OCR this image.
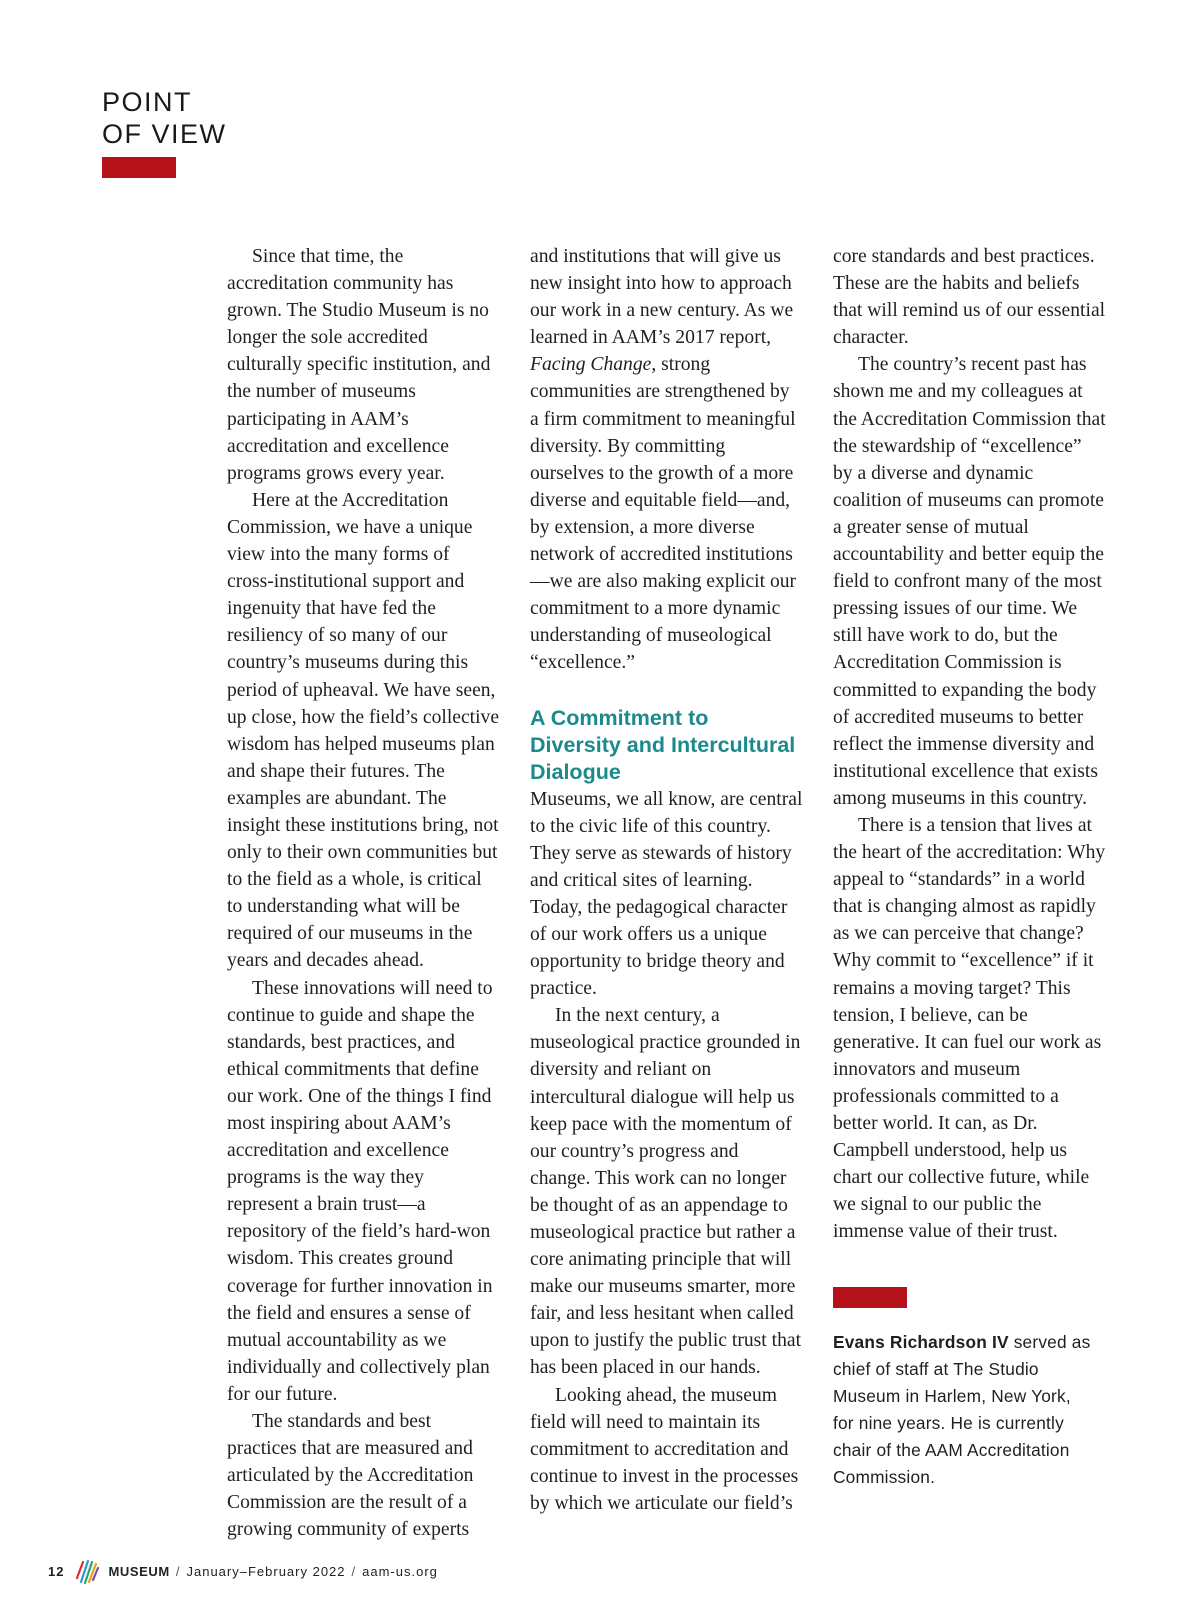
POINT
OF VIEW

Since that time, the accreditation community has grown. The Studio Museum is no longer the sole accredited culturally specific institution, and the number of museums participating in AAM’s accreditation and excellence programs grows every year.

Here at the Accreditation Commission, we have a unique view into the many forms of cross-institutional support and ingenuity that have fed the resiliency of so many of our country’s museums during this period of upheaval. We have seen, up close, how the field’s collective wisdom has helped museums plan and shape their futures. The examples are abundant. The insight these institutions bring, not only to their own communities but to the field as a whole, is critical to understanding what will be required of our museums in the years and decades ahead.

These innovations will need to continue to guide and shape the standards, best practices, and ethical commitments that define our work. One of the things I find most inspiring about AAM’s accreditation and excellence programs is the way they represent a brain trust—a repository of the field’s hard-won wisdom. This creates ground coverage for further innovation in the field and ensures a sense of mutual accountability as we individually and collectively plan for our future.

The standards and best practices that are measured and articulated by the Accreditation Commission are the result of a growing community of experts

and institutions that will give us new insight into how to approach our work in a new century. As we learned in AAM’s 2017 report, Facing Change, strong communities are strengthened by a firm commitment to meaningful diversity. By committing ourselves to the growth of a more diverse and equitable field—and, by extension, a more diverse network of accredited institutions—we are also making explicit our commitment to a more dynamic understanding of museological “excellence.”

A Commitment to Diversity and Intercultural Dialogue

Museums, we all know, are central to the civic life of this country. They serve as stewards of history and critical sites of learning. Today, the pedagogical character of our work offers us a unique opportunity to bridge theory and practice.

In the next century, a museological practice grounded in diversity and reliant on intercultural dialogue will help us keep pace with the momentum of our country’s progress and change. This work can no longer be thought of as an appendage to museological practice but rather a core animating principle that will make our museums smarter, more fair, and less hesitant when called upon to justify the public trust that has been placed in our hands.

Looking ahead, the museum field will need to maintain its commitment to accreditation and continue to invest in the processes by which we articulate our field’s

core standards and best practices. These are the habits and beliefs that will remind us of our essential character.

The country’s recent past has shown me and my colleagues at the Accreditation Commission that the stewardship of “excellence” by a diverse and dynamic coalition of museums can promote a greater sense of mutual accountability and better equip the field to confront many of the most pressing issues of our time. We still have work to do, but the Accreditation Commission is committed to expanding the body of accredited museums to better reflect the immense diversity and institutional excellence that exists among museums in this country.

There is a tension that lives at the heart of the accreditation: Why appeal to “standards” in a world that is changing almost as rapidly as we can perceive that change? Why commit to “excellence” if it remains a moving target? This tension, I believe, can be generative. It can fuel our work as innovators and museum professionals committed to a better world. It can, as Dr. Campbell understood, help us chart our collective future, while we signal to our public the immense value of their trust.

Evans Richardson IV served as chief of staff at The Studio Museum in Harlem, New York, for nine years. He is currently chair of the AAM Accreditation Commission.
12	MUSEUM / January–February 2022 / aam-us.org
